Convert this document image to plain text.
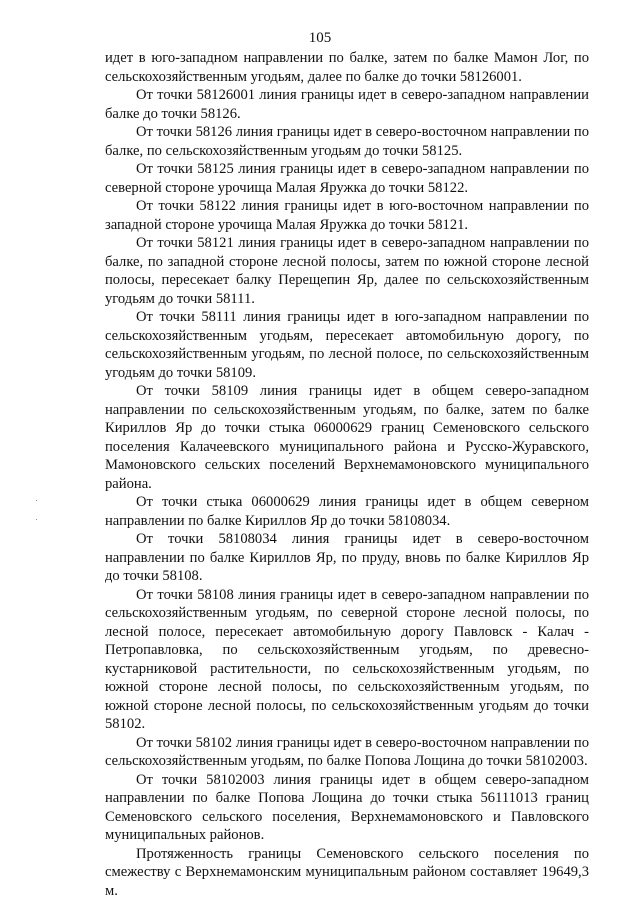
105

идет в юго-западном направлении по балке, затем по балке Мамон Лог, по сельскохозяйственным угодьям, далее по балке до точки 58126001.

От точки 58126001 линия границы идет в северо-западном направлении балке до точки 58126.

От точки 58126 линия границы идет в северо-восточном направлении по балке, по сельскохозяйственным угодьям до точки 58125.

От точки 58125 линия границы идет в северо-западном направлении по северной стороне урочища Малая Яружка до точки 58122.

От точки 58122 линия границы идет в юго-восточном направлении по западной стороне урочища Малая Яружка до точки 58121.

От точки 58121 линия границы идет в северо-западном направлении по балке, по западной стороне лесной полосы, затем по южной стороне лесной полосы, пересекает балку Перещепин Яр, далее по сельскохозяйственным угодьям до точки 58111.

От точки 58111 линия границы идет в юго-западном направлении по сельскохозяйственным угодьям, пересекает автомобильную дорогу, по сельскохозяйственным угодьям, по лесной полосе, по сельскохозяйственным угодьям до точки 58109.

От точки 58109 линия границы идет в общем северо-западном направлении по сельскохозяйственным угодьям, по балке, затем по балке Кириллов Яр до точки стыка 06000629 границ Семеновского сельского поселения Калачеевского муниципального района и Русско-Журавского, Мамоновского сельских поселений Верхнемамоновского муниципального района.

От точки стыка 06000629 линия границы идет в общем северном направлении по балке Кириллов Яр до точки 58108034.

От точки 58108034 линия границы идет в северо-восточном направлении по балке Кириллов Яр, по пруду, вновь по балке Кириллов Яр до точки 58108.

От точки 58108 линия границы идет в северо-западном направлении по сельскохозяйственным угодьям, по северной стороне лесной полосы, по лесной полосе, пересекает автомобильную дорогу Павловск - Калач - Петропавловка, по сельскохозяйственным угодьям, по древесно-кустарниковой растительности, по сельскохозяйственным угодьям, по южной стороне лесной полосы, по сельскохозяйственным угодьям, по южной стороне лесной полосы, по сельскохозяйственным угодьям до точки 58102.

От точки 58102 линия границы идет в северо-восточном направлении по сельскохозяйственным угодьям, по балке Попова Лощина до точки 58102003.

От точки 58102003 линия границы идет в общем северо-западном направлении по балке Попова Лощина до точки стыка 56111013 границ Семеновского сельского поселения, Верхнемамоновского и Павловского муниципальных районов.

Протяженность границы Семеновского сельского поселения по смежеству с Верхнемамонским муниципальным районом составляет 19649,3 м.
